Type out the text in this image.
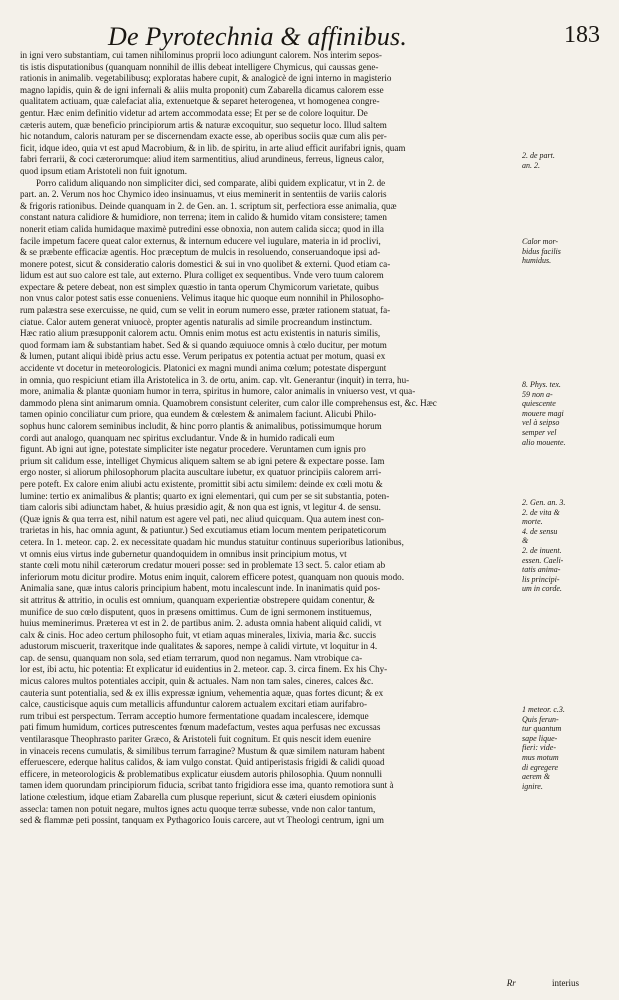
De Pyrotechnia & affinibus.	183
in igni vero substantiam, cui tamen nihilominus proprii loco adiungunt calorem. Nos interim sepos-
tis istis disputationibus (quanquam nonnihil de illis debeat intelligere Chymicus, qui caussas gene-
rationis in animalib. vegetabilibusq; exploratas habere cupit, & analogicè de igni interno in magisterio
magno lapidis, quin & de igni infernali & aliis multa proponit) cum Zabarella dicamus calorem esse
qualitatem actiuam, quæ calefaciat alia, extenuetque & separet heterogenea, vt homogenea congre-
gentur. Hæc enim definitio videtur ad artem accommodata esse; Et per se de colore loquitur. De
cæteris autem, quæ beneficio principiorum artis & naturæ excoquitur, suo sequetur loco. Illud saltem
hic notandum, caloris naturam per se discernendam exacte esse, ab operibus sociis quæ cum alis per-
ficit, idque ideo, quia vt est apud Macrobium, & in lib. de spiritu, in arte aliud efficit aurifabri ignis, quam
fabri ferrarii, & coci cæterorumque: aliud item sarmentitius, aliud arundineus, ferreus, ligneus calor,
quod ipsum etiam Aristoteli non fuit ignotum.
Porro calidum aliquando non simpliciter dici, sed comparate, alibi quidem explicatur, vt in 2. de
part. an. 2. Verum nos hoc Chymico ideo insinuamus, vt eius meminerit in sententiis de variis caloris
& frigoris rationibus. Deinde quanquam in 2. de Gen. an. 1. scriptum sit, perfectiora esse animalia, quæ
constant natura calidiore & humidiore, non terrena; item in calido & humido vitam consistere; tamen
nonerit etiam calida humidaque maximè putredini esse obnoxia, non autem calida sicca; quod in illa
facile impetum facere queat calor externus, & internum educere vel iugulare, materia in id proclivi,
& se præbente efficaciæ agentis. Hoc præceptum de mulcis in resoluendo, conseruandoque ipsi ad-
monere potest, sicut & consideratio caloris domestici & sui in vno quolibet & externi. Quod etiam ca-
lidum est aut suo calore est tale, aut externo. Plura colliget ex sequentibus. Vnde vero tuum calorem
expectare & petere debeat, non est simplex quæstio in tanta operum Chymicorum varietate, quibus
non vnus calor potest satis esse conueniens. Velimus itaque hic quoque eum nonnihil in Philosopho-
rum palæstra sese exercuisse, ne quid, cum se velit in eorum numero esse, præter rationem statuat, fa-
ciatue. Calor autem generat vniuocè, propter agentis naturalis ad simile procreandum instinctum.
Hæc ratio alium præsupponit calorem actu. Omnis enim motus est actu existentis in naturis similis,
quod formam iam & substantiam habet. Sed & si quando æquiuoce omnis à cœlo ducitur, per motum
& lumen, putant aliqui ibidè prius actu esse. Verum peripatus ex potentia actuat per motum, quasi ex
accidente vt docetur in meteorologicis. Platonici ex magni mundi anima cœlum; potestate dispergunt
in omnia, quo respiciunt etiam illa Aristotelica in 3. de ortu, anim. cap. vlt. Generantur (inquit) in terra, hu-
more, animalia & plantæ quoniam humor in terra, spiritus in humore, calor animalis in vniuerso vest, vt qua-
dammodo plena sint animarum omnia. Quamobrem consistunt celeriter, cum calor ille comprehensus est, &c. Hæc
tamen opinio conciliatur cum priore, qua eundem & cœlestem & animalem faciunt. Alicubi Philo-
sophus hunc calorem seminibus includit, & hinc porro plantis & animalibus, potissimumque horum
cordi aut analogo, quanquam nec spiritus excludantur. Vnde & in humido radicali eum
figunt. Ab igni aut igne, potestate simpliciter iste negatur procedere. Veruntamen cum ignis pro
prium sit calidum esse, intelliget Chymicus aliquem saltem se ab igni petere & expectare posse. Iam
ergo noster, si aliorum philosophorum placita auscultare iubetur, ex quatuor principiis calorem arri-
pere poteft. Ex calore enim aliubi actu existente, promittit sibi actu similem: deinde ex cœli motu &
lumine: tertio ex animalibus & plantis; quarto ex igni elementari, qui cum per se sit substantia, poten-
tiam caloris sibi adiunctam habet, & huius præsidio agit, & non qua est ignis, vt legitur 4. de sensu.
(Quæ ignis & qua terra est, nihil natum est agere vel pati, nec aliud quicquam. Qua autem inest con-
trarietas in his, hac omnia agunt, & patiuntur.) Sed excutiamus etiam locum mentem peripateticorum
cetera. In 1. meteor. cap. 2. ex necessitate quadam hic mundus statuitur continuus superioribus lationibus,
vt omnis eius virtus inde gubernetur quandoquidem in omnibus insit principium motus, vt
stante cœli motu nihil cæterorum credatur moueri posse: sed in problemate 13 sect. 5. calor etiam ab
inferiorum motu dicitur prodire. Motus enim inquit, calorem efficere potest, quanquam non quouis modo.
Animalia sane, quæ intus caloris principium habent, motu incalescunt inde. In inanimatis quid pos-
sit attritus & attritio, in oculis est omnium, quanquam experientiæ obstrepere quidam conentur, &
munifice de suo cœlo disputent, quos in præsens omittimus. Cum de igni sermonem instituemus,
huius meminerimus. Præterea vt est in 2. de partibus anim. 2. adusta omnia habent aliquid calidi, vt
calx & cinis. Hoc adeo certum philosopho fuit, vt etiam aquas minerales, lixivia, maria &c. succis
adustorum miscuerit, traxeritque inde qualitates & sapores, nempe à calidi virtute, vt loquitur in 4.
cap. de sensu, quanquam non sola, sed etiam terrarum, quod non negamus. Nam vtrobique ca-
lor est, ibi actu, hic potentia: Et explicatur id euidentius in 2. meteor. cap. 3. circa finem. Ex his Chy-
micus calores multos potentiales accipit, quin & actuales. Nam non tam sales, cineres, calces &c.
cauteria sunt potentialia, sed & ex illis expressæ ignium, vehementia aquæ, quas fortes dicunt; & ex
calce, causticisque aquis cum metallicis affunduntur calorem actualem excitari etiam aurifabro-
rum tribui est perspectum. Terram acceptio humore fermentatione quadam incalescere, idemque
pati fimum humidum, cortices putrescentes fœnum madefactum, vestes aqua perfusas nec excussas
ventilarasque Theophrasto pariter Græco, & Aristoteli fuit cognitum. Et quis nescit idem euenire
in vinaceis recens cumulatis, & similibus terrum farragine? Mustum & quæ similem naturam habent
efferuescere, ederque halitus calidos, & iam vulgo constat. Quid antiperistasis frigidi & calidi quoad
efficere, in meteorologicis & problematibus explicatur eiusdem autoris philosophia. Quum nonnulli
tamen idem quorundam principiorum fiducia, scribat tanto frigidiora esse ima, quanto remotiora sunt à
latione cœlestium, idque etiam Zabarella cum plusque reperiunt, sicut & cæteri eiusdem opinionis
assecla: tamen non potuit negare, multos ignes actu quoque terræ subesse, vnde non calor tantum,
sed & flammæ peti possint, tanquam ex Pythagorico Iouis carcere, aut vt Theologi centrum, igni um
2. de part.
an. 2.
Calor mor-
bidus facilis
humidus.
8. Phys. tex.
59 non a-
quiescente
mouere magi
vel à seipso
semper vel
alio mouente.
2. Gen. an. 3.
2. de vita &
morte.
4. de sensu
&
2. de inuent.
essen. Caeli-
tatis anima-
lis principi-
um in corde.
1 meteor. c.3.
Quis ferun-
tur quantum
sape lique-
fieri: vide-
mus motum
di egregere
aerem &
ignire.
Rr	interius
